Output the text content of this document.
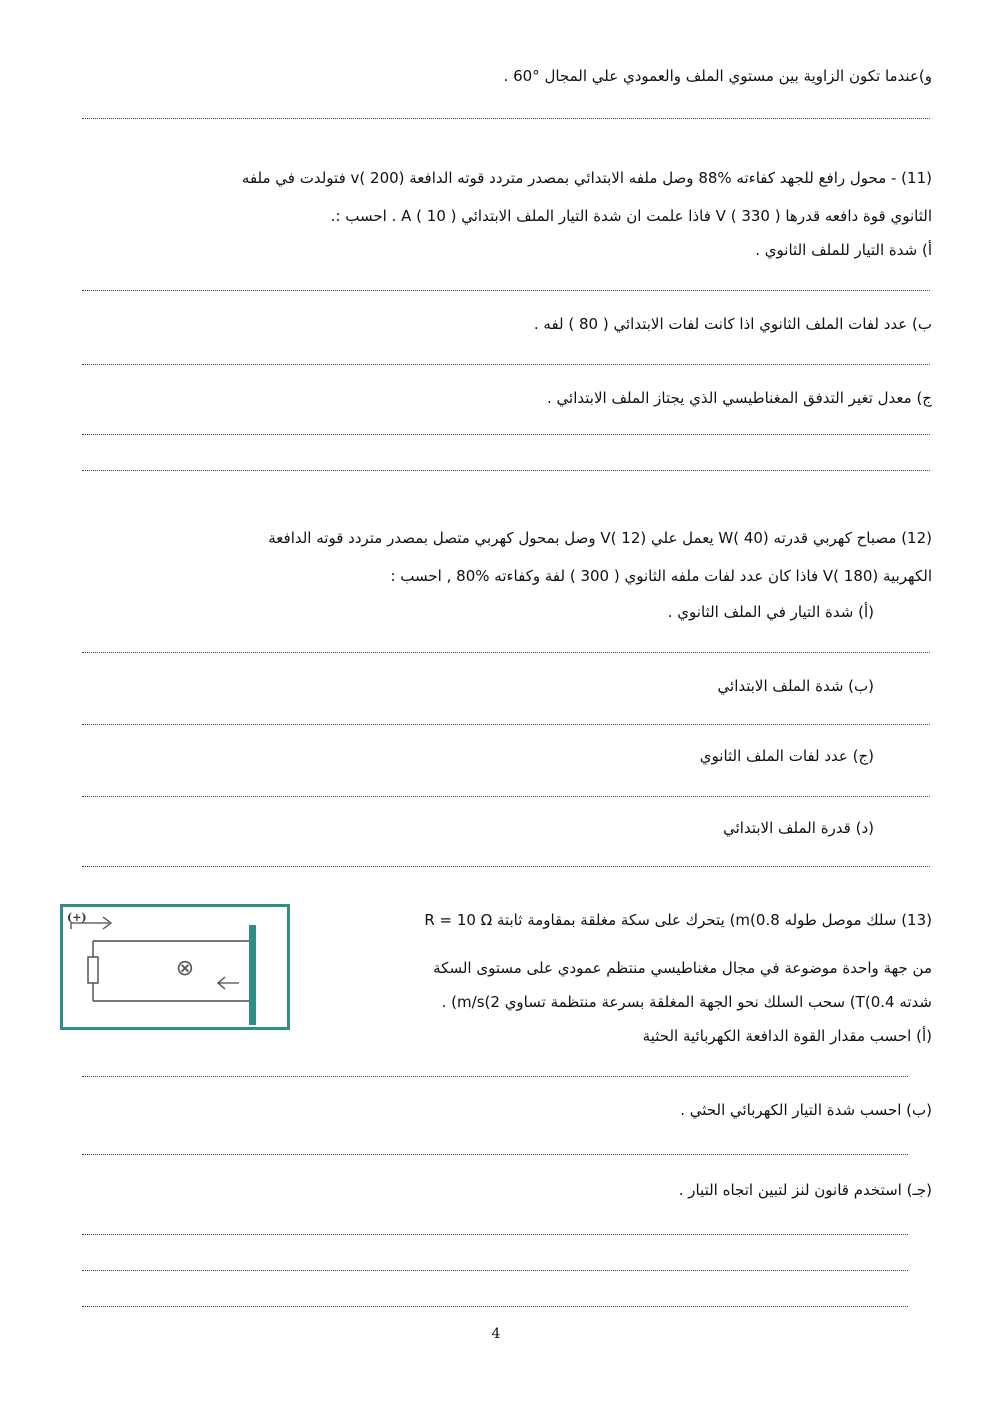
و)عندما تكون الزاوية بين مستوي الملف والعمودي علي المجال °60 .
(11) - محول رافع للجهد كفاءته %88 وصل ملفه الابتدائي بمصدر متردد قوته الدافعة v( 200) فتولدت في ملفه
الثانوي قوة دافعه قدرها V ( 330 ) فاذا علمت ان شدة التيار الملف الابتدائي A ( 10 ) . احسب :.
أ) شدة التيار للملف الثانوي .
ب) عدد لفات الملف الثانوي اذا كانت لفات الابتدائي ( 80 ) لفه .
ج) معدل تغير التدفق المغناطيسي الذي يجتاز الملف الابتدائي .
(12) مصباح كهربي قدرته W( 40) يعمل علي V( 12) وصل بمحول كهربي متصل بمصدر متردد قوته الدافعة
الكهربية V( 180) فاذا كان عدد لفات ملفه الثانوي ( 300 ) لفة وكفاءته %80 , احسب :
(أ) شدة التيار في الملف الثانوي .
(ب) شدة الملف الابتدائي
(ج) عدد لفات الملف الثانوي
(د) قدرة الملف الابتدائي
(13) سلك موصل طوله 0.8)m) يتحرك على سكة مغلقة بمقاومة ثابتة R = 10 Ω
من جهة واحدة موضوعة في مجال مغناطيسي منتظم عمودي على مستوى السكة
شدته 0.4)T) سحب السلك نحو الجهة المغلقة بسرعة منتظمة تساوي 2)m/s) .
(أ) احسب مقدار القوة الدافعة الكهربائية الحثية
(ب) احسب شدة التيار الكهربائي الحثي .
(جـ) استخدم قانون لنز لتبين اتجاه التيار .
(+)
⊗
4
